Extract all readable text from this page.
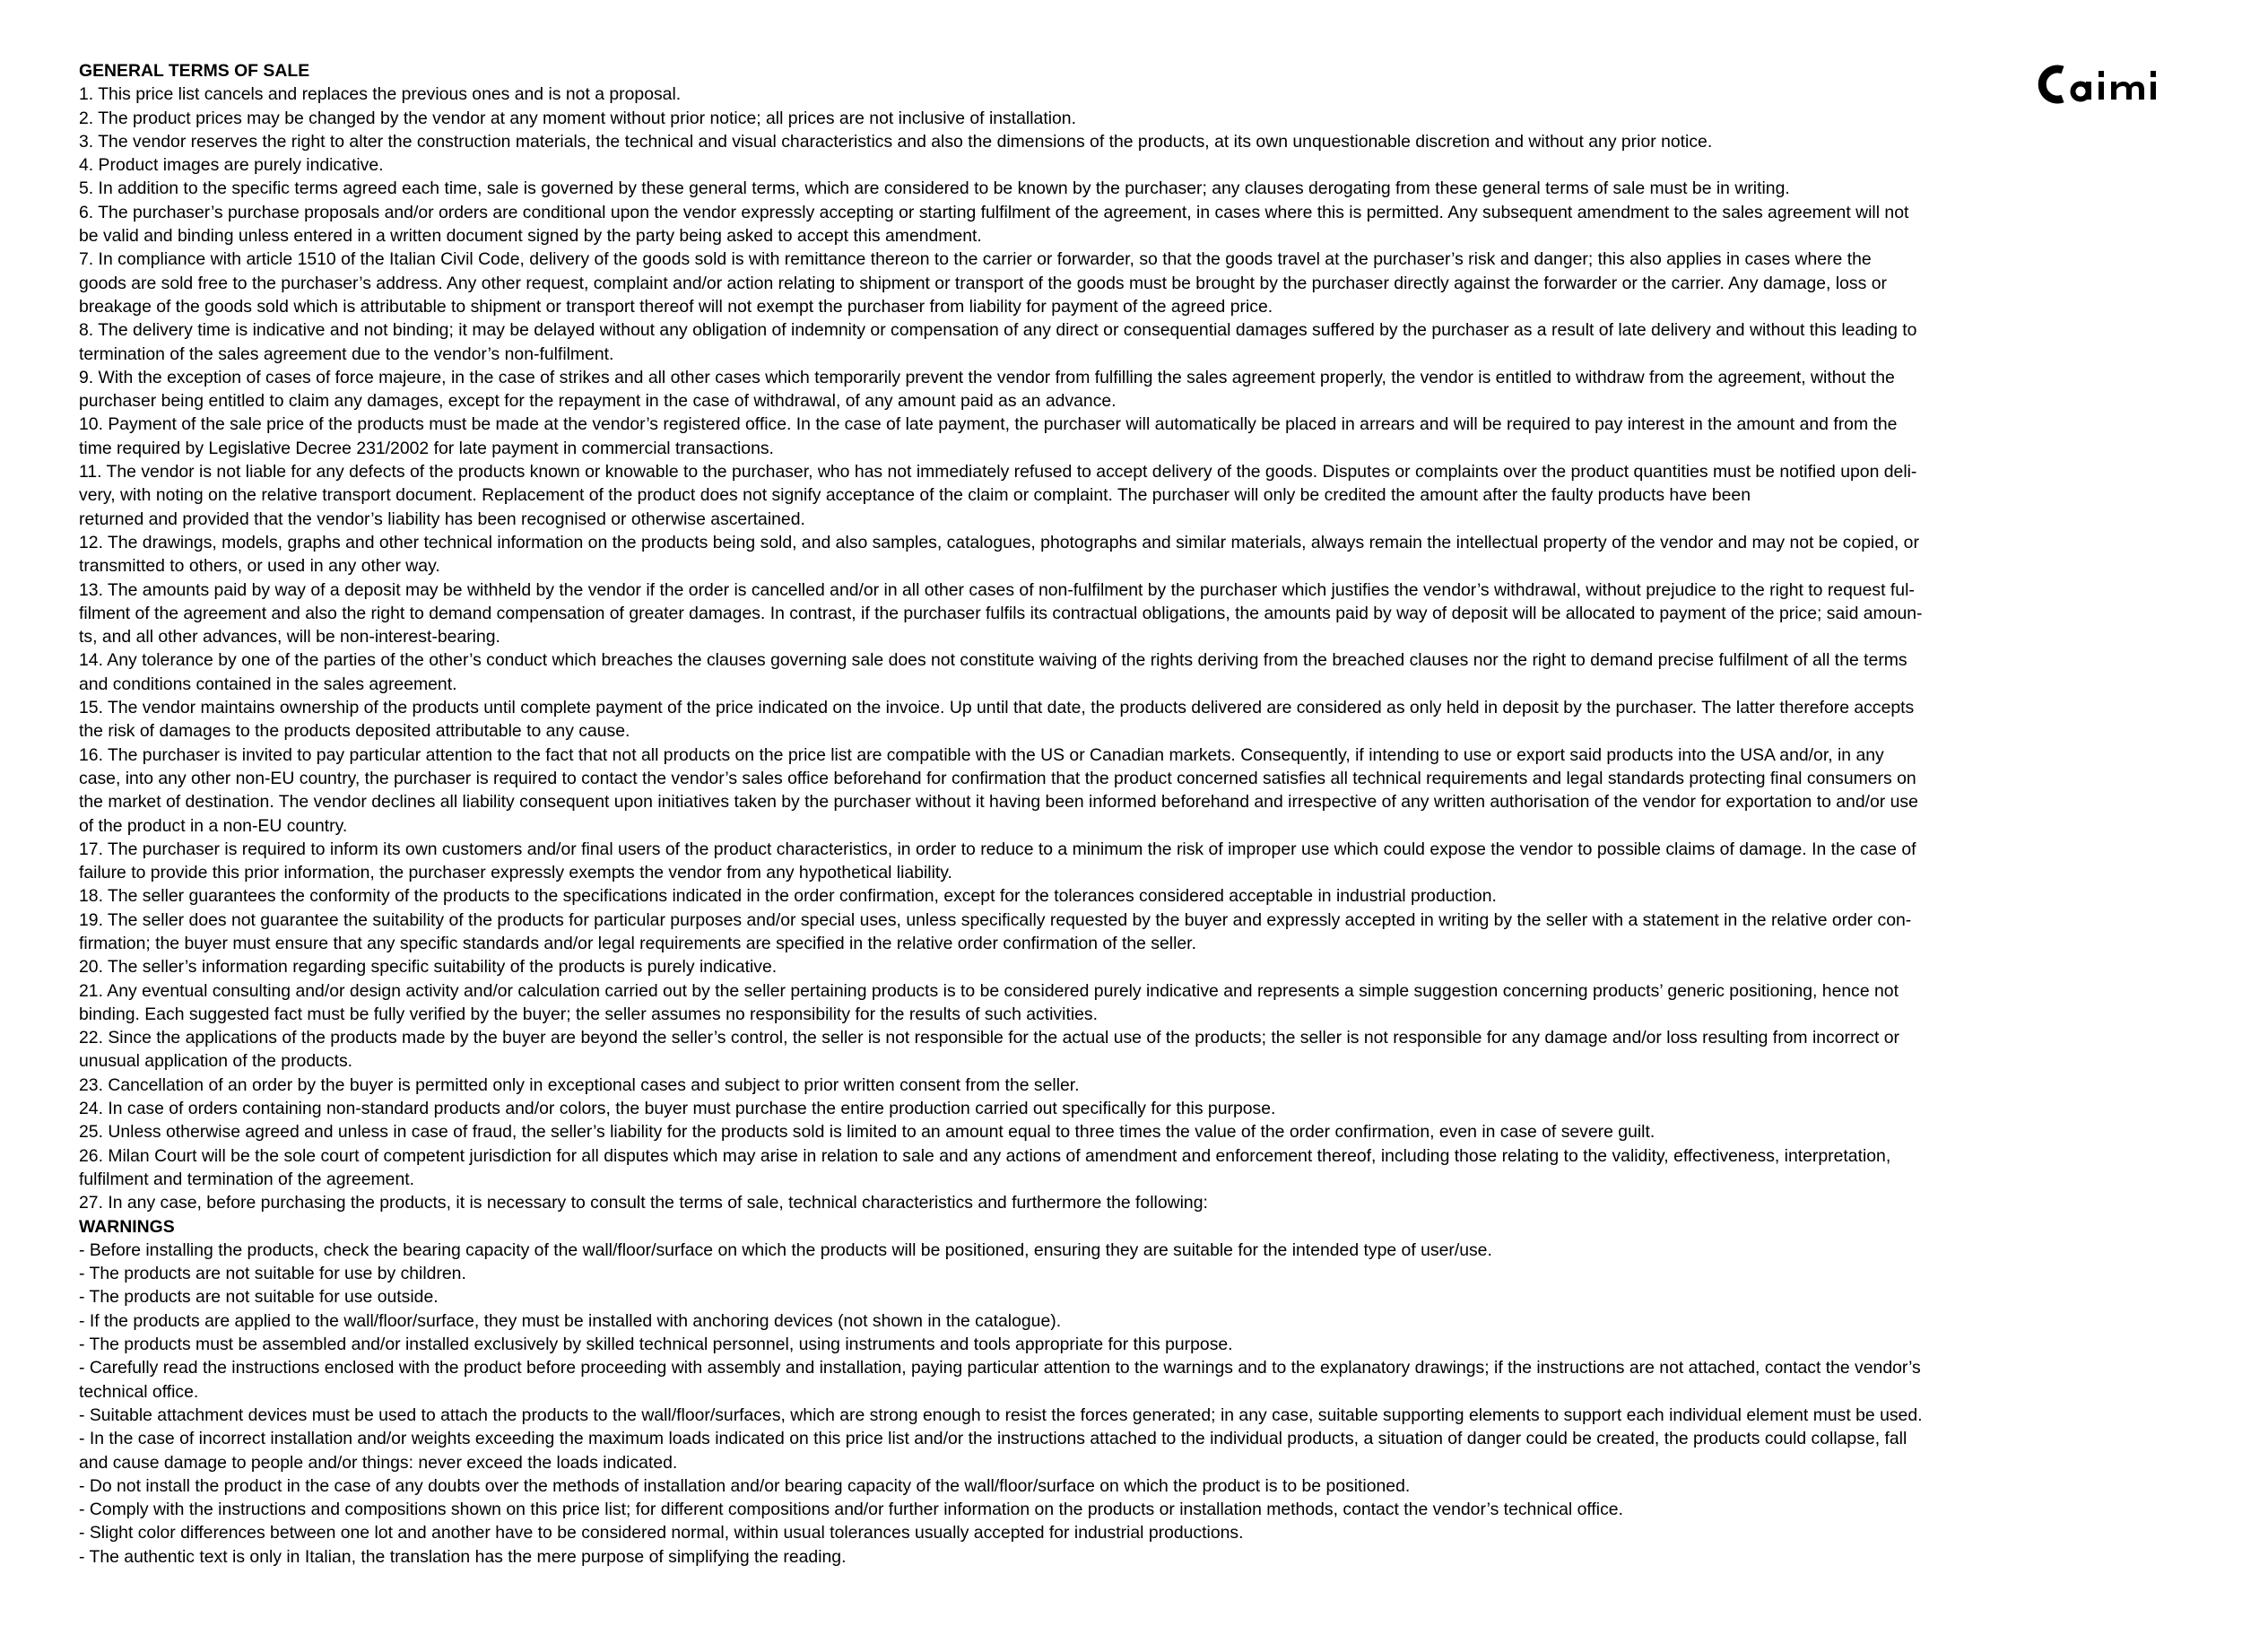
GENERAL TERMS OF SALE
1. This price list cancels and replaces the previous ones and is not a proposal.
2. The product prices may be changed by the vendor at any moment without prior notice; all prices are not inclusive of installation.
3. The vendor reserves the right to alter the construction materials, the technical and visual characteristics and also the dimensions of the products, at its own unquestionable discretion and without any prior notice.
4. Product images are purely indicative.
5. In addition to the specific terms agreed each time, sale is governed by these general terms, which are considered to be known by the purchaser; any clauses derogating from these general terms of sale must be in writing.
6. The purchaser’s purchase proposals and/or orders are conditional upon the vendor expressly accepting or starting fulfilment of the agreement, in cases where this is permitted. Any subsequent amendment to the sales agreement will not
be valid and binding unless entered in a written document signed by the party being asked to accept this amendment.
7. In compliance with article 1510 of the Italian Civil Code, delivery of the goods sold is with remittance thereon to the carrier or forwarder, so that the goods travel at the purchaser’s risk and danger; this also applies in cases where the
goods are sold free to the purchaser’s address. Any other request, complaint and/or action relating to shipment or transport of the goods must be brought by the purchaser directly against the forwarder or the carrier. Any damage, loss or
breakage of the goods sold which is attributable to shipment or transport thereof will not exempt the purchaser from liability for payment of the agreed price.
8. The delivery time is indicative and not binding; it may be delayed without any obligation of indemnity or compensation of any direct or consequential damages suffered by the purchaser as a result of late delivery and without this leading to
termination of the sales agreement due to the vendor’s non-fulfilment.
9. With the exception of cases of force majeure, in the case of strikes and all other cases which temporarily prevent the vendor from fulfilling the sales agreement properly, the vendor is entitled to withdraw from the agreement, without the
purchaser being entitled to claim any damages, except for the repayment in the case of withdrawal, of any amount paid as an advance.
10. Payment of the sale price of the products must be made at the vendor’s registered office. In the case of late payment, the purchaser will automatically be placed in arrears and will be required to pay interest in the amount and from the
time required by Legislative Decree 231/2002 for late payment in commercial transactions.
11. The vendor is not liable for any defects of the products known or knowable to the purchaser, who has not immediately refused to accept delivery of the goods. Disputes or complaints over the product quantities must be notified upon deli-
very, with noting on the relative transport document. Replacement of the product does not signify acceptance of the claim or complaint. The purchaser will only be credited the amount after the faulty products have been
returned and provided that the vendor’s liability has been recognised or otherwise ascertained.
12. The drawings, models, graphs and other technical information on the products being sold, and also samples, catalogues, photographs and similar materials, always remain the intellectual property of the vendor and may not be copied, or
transmitted to others, or used in any other way.
13. The amounts paid by way of a deposit may be withheld by the vendor if the order is cancelled and/or in all other cases of non-fulfilment by the purchaser which justifies the vendor’s withdrawal, without prejudice to the right to request ful-
filment of the agreement and also the right to demand compensation of greater damages. In contrast, if the purchaser fulfils its contractual obligations, the amounts paid by way of deposit will be allocated to payment of the price; said amoun-
ts, and all other advances, will be non-interest-bearing.
14. Any tolerance by one of the parties of the other’s conduct which breaches the clauses governing sale does not constitute waiving of the rights deriving from the breached clauses nor the right to demand precise fulfilment of all the terms
and conditions contained in the sales agreement.
15. The vendor maintains ownership of the products until complete payment of the price indicated on the invoice. Up until that date, the products delivered are considered as only held in deposit by the purchaser. The latter therefore accepts
the risk of damages to the products deposited attributable to any cause.
16. The purchaser is invited to pay particular attention to the fact that not all products on the price list are compatible with the US or Canadian markets. Consequently, if intending to use or export said products into the USA and/or, in any
case, into any other non-EU country, the purchaser is required to contact the vendor’s sales office beforehand for confirmation that the product concerned satisfies all technical requirements and legal standards protecting final consumers on
the market of destination. The vendor declines all liability consequent upon initiatives taken by the purchaser without it having been informed beforehand and irrespective of any written authorisation of the vendor for exportation to and/or use
of the product in a non-EU country.
17. The purchaser is required to inform its own customers and/or final users of the product characteristics, in order to reduce to a minimum the risk of improper use which could expose the vendor to possible claims of damage. In the case of
failure to provide this prior information, the purchaser expressly exempts the vendor from any hypothetical liability.
18. The seller guarantees the conformity of the products to the specifications indicated in the order confirmation, except for the tolerances considered acceptable in industrial production.
19. The seller does not guarantee the suitability of the products for particular purposes and/or special uses, unless specifically requested by the buyer and expressly accepted in writing by the seller with a statement in the relative order con-
firmation; the buyer must ensure that any specific standards and/or legal requirements are specified in the relative order confirmation of the seller.
20. The seller’s information regarding specific suitability of the products is purely indicative.
21. Any eventual consulting and/or design activity and/or calculation carried out by the seller pertaining products is to be considered purely indicative and represents a simple suggestion concerning products’ generic positioning, hence not
binding. Each suggested fact must be fully verified by the buyer; the seller assumes no responsibility for the results of such activities.
22. Since the applications of the products made by the buyer are beyond the seller’s control, the seller is not responsible for the actual use of the products; the seller is not responsible for any damage and/or loss resulting from incorrect or
unusual application of the products.
23. Cancellation of an order by the buyer is permitted only in exceptional cases and subject to prior written consent from the seller.
24. In case of orders containing non-standard products and/or colors, the buyer must purchase the entire production carried out specifically for this purpose.
25. Unless otherwise agreed and unless in case of fraud, the seller’s liability for the products sold is limited to an amount equal to three times the value of the order confirmation, even in case of severe guilt.
26. Milan Court will be the sole court of competent jurisdiction for all disputes which may arise in relation to sale and any actions of amendment and enforcement thereof, including those relating to the validity, effectiveness, interpretation,
fulfilment and termination of the agreement.
27. In any case, before purchasing the products, it is necessary to consult the terms of sale, technical characteristics and furthermore the following:
WARNINGS
- Before installing the products, check the bearing capacity of the wall/floor/surface on which the products will be positioned, ensuring they are suitable for the intended type of user/use.
- The products are not suitable for use by children.
- The products are not suitable for use outside.
- If the products are applied to the wall/floor/surface, they must be installed with anchoring devices (not shown in the catalogue).
- The products must be assembled and/or installed exclusively by skilled technical personnel, using instruments and tools appropriate for this purpose.
- Carefully read the instructions enclosed with the product before proceeding with assembly and installation, paying particular attention to the warnings and to the explanatory drawings; if the instructions are not attached, contact the vendor’s
technical office.
- Suitable attachment devices must be used to attach the products to the wall/floor/surfaces, which are strong enough to resist the forces generated; in any case, suitable supporting elements to support each individual element must be used.
- In the case of incorrect installation and/or weights exceeding the maximum loads indicated on this price list and/or the instructions attached to the individual products, a situation of danger could be created, the products could collapse, fall
and cause damage to people and/or things: never exceed the loads indicated.
- Do not install the product in the case of any doubts over the methods of installation and/or bearing capacity of the wall/floor/surface on which the product is to be positioned.
- Comply with the instructions and compositions shown on this price list; for different compositions and/or further information on the products or installation methods, contact the vendor’s technical office.
- Slight color differences between one lot and another have to be considered normal, within usual tolerances usually accepted for industrial productions.
- The authentic text is only in Italian, the translation has the mere purpose of simplifying the reading.
